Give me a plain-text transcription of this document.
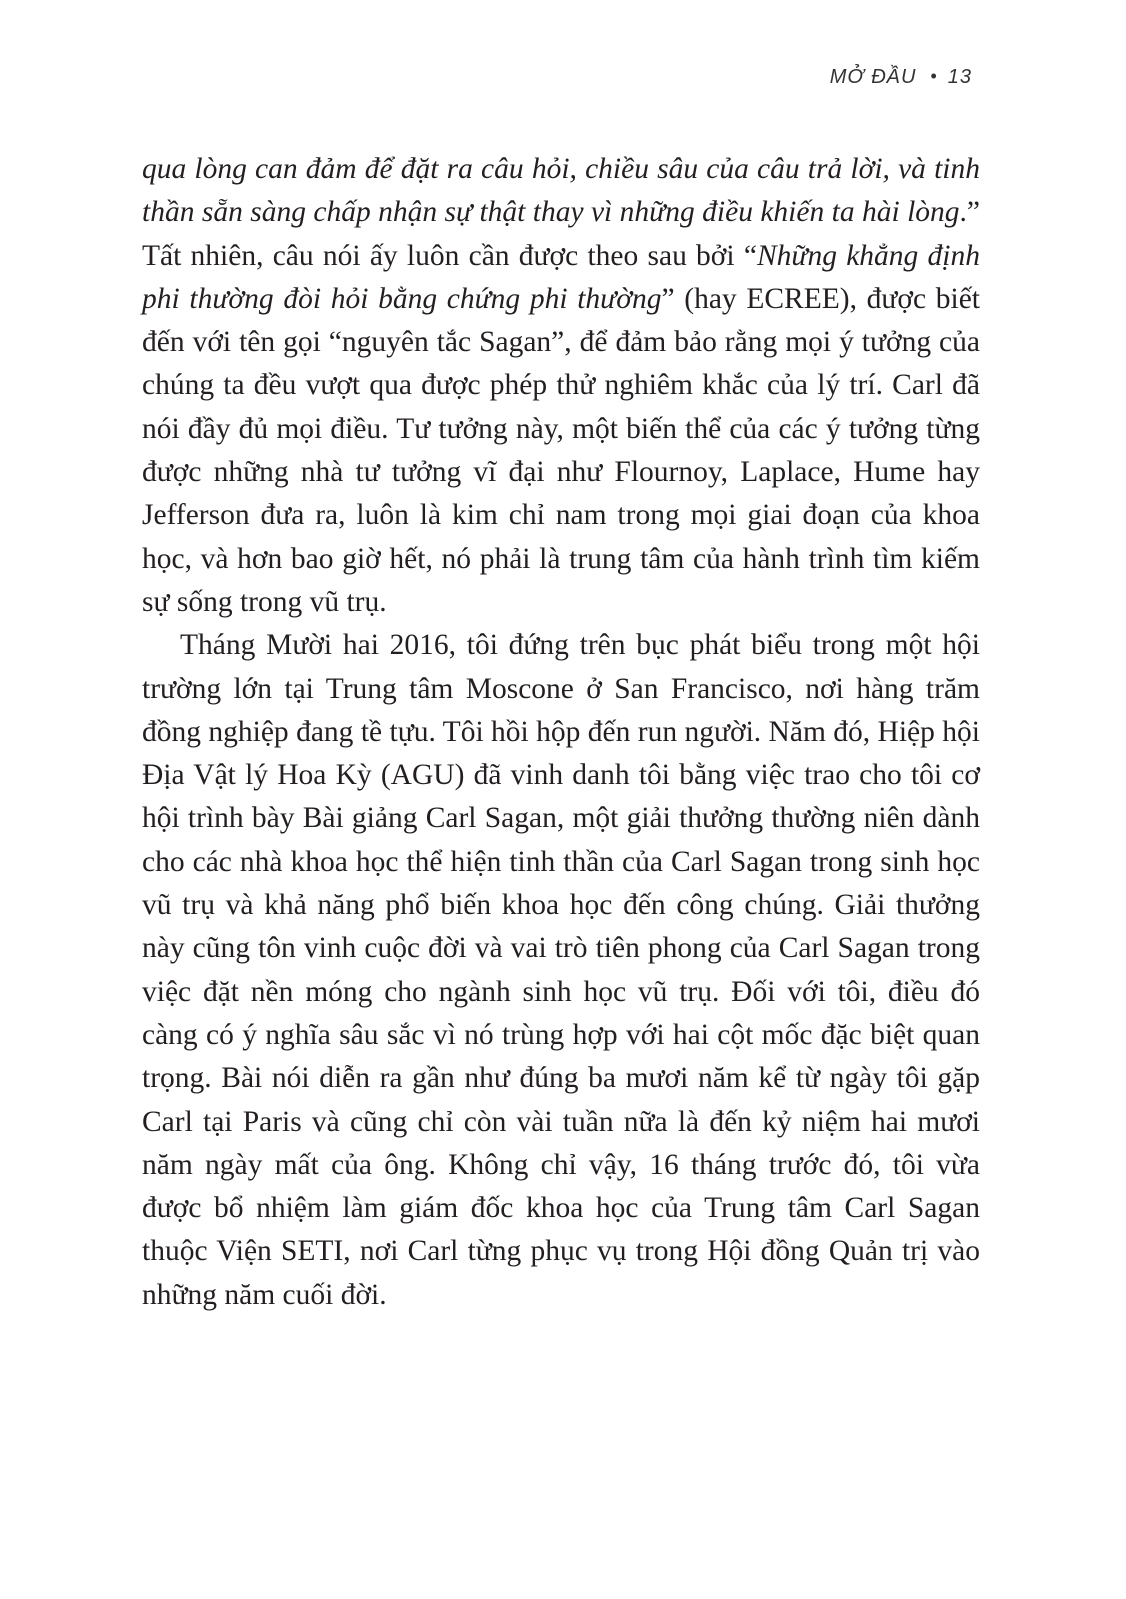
MỞ ĐẦU • 13

qua lòng can đảm để đặt ra câu hỏi, chiều sâu của câu trả lời, và tinh thần sẵn sàng chấp nhận sự thật thay vì những điều khiến ta hài lòng.” Tất nhiên, câu nói ấy luôn cần được theo sau bởi “Những khẳng định phi thường đòi hỏi bằng chứng phi thường” (hay ECREE), được biết đến với tên gọi “nguyên tắc Sagan”, để đảm bảo rằng mọi ý tưởng của chúng ta đều vượt qua được phép thử nghiêm khắc của lý trí. Carl đã nói đầy đủ mọi điều. Tư tưởng này, một biến thể của các ý tưởng từng được những nhà tư tưởng vĩ đại như Flournoy, Laplace, Hume hay Jefferson đưa ra, luôn là kim chỉ nam trong mọi giai đoạn của khoa học, và hơn bao giờ hết, nó phải là trung tâm của hành trình tìm kiếm sự sống trong vũ trụ.

Tháng Mười hai 2016, tôi đứng trên bục phát biểu trong một hội trường lớn tại Trung tâm Moscone ở San Francisco, nơi hàng trăm đồng nghiệp đang tề tựu. Tôi hồi hộp đến run người. Năm đó, Hiệp hội Địa Vật lý Hoa Kỳ (AGU) đã vinh danh tôi bằng việc trao cho tôi cơ hội trình bày Bài giảng Carl Sagan, một giải thưởng thường niên dành cho các nhà khoa học thể hiện tinh thần của Carl Sagan trong sinh học vũ trụ và khả năng phổ biến khoa học đến công chúng. Giải thưởng này cũng tôn vinh cuộc đời và vai trò tiên phong của Carl Sagan trong việc đặt nền móng cho ngành sinh học vũ trụ. Đối với tôi, điều đó càng có ý nghĩa sâu sắc vì nó trùng hợp với hai cột mốc đặc biệt quan trọng. Bài nói diễn ra gần như đúng ba mươi năm kể từ ngày tôi gặp Carl tại Paris và cũng chỉ còn vài tuần nữa là đến kỷ niệm hai mươi năm ngày mất của ông. Không chỉ vậy, 16 tháng trước đó, tôi vừa được bổ nhiệm làm giám đốc khoa học của Trung tâm Carl Sagan thuộc Viện SETI, nơi Carl từng phục vụ trong Hội đồng Quản trị vào những năm cuối đời.
